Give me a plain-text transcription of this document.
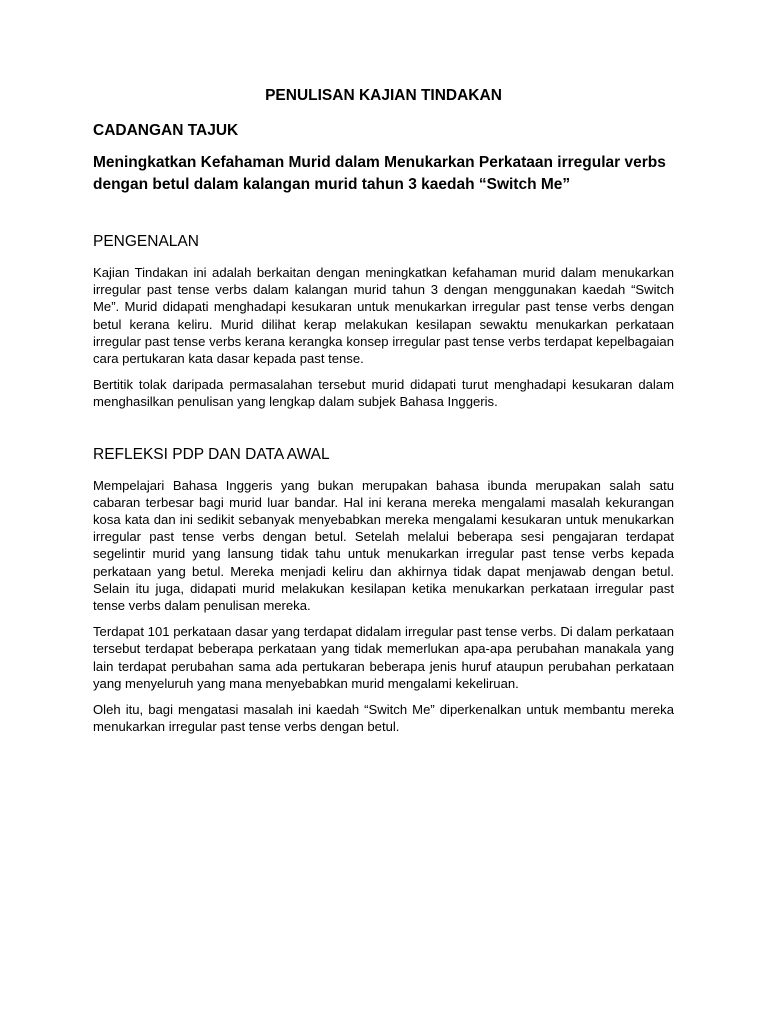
PENULISAN KAJIAN TINDAKAN
CADANGAN TAJUK
Meningkatkan Kefahaman Murid dalam Menukarkan Perkataan irregular verbs dengan betul dalam kalangan murid tahun 3 kaedah “Switch Me”
PENGENALAN

Kajian Tindakan ini adalah berkaitan dengan meningkatkan kefahaman murid dalam menukarkan irregular past tense verbs dalam kalangan murid tahun 3 dengan menggunakan kaedah “Switch Me”. Murid didapati menghadapi kesukaran untuk menukarkan irregular past tense verbs dengan betul kerana keliru. Murid dilihat kerap melakukan kesilapan sewaktu menukarkan perkataan irregular past tense verbs kerana kerangka konsep irregular past tense verbs terdapat kepelbagaian cara pertukaran kata dasar kepada past tense.

Bertitik tolak daripada permasalahan tersebut murid didapati turut menghadapi kesukaran dalam menghasilkan penulisan yang lengkap dalam subjek Bahasa Inggeris.

REFLEKSI PDP DAN DATA AWAL

Mempelajari Bahasa Inggeris yang bukan merupakan bahasa ibunda merupakan salah satu cabaran terbesar bagi murid luar bandar. Hal ini kerana mereka mengalami masalah kekurangan kosa kata dan ini sedikit sebanyak menyebabkan mereka mengalami kesukaran untuk menukarkan irregular past tense verbs dengan betul. Setelah melalui beberapa sesi pengajaran terdapat segelintir murid yang lansung tidak tahu untuk menukarkan irregular past tense verbs kepada perkataan yang betul. Mereka menjadi keliru dan akhirnya tidak dapat menjawab dengan betul. Selain itu juga, didapati murid melakukan kesilapan ketika menukarkan perkataan irregular past tense verbs dalam penulisan mereka.

Terdapat 101 perkataan dasar yang terdapat didalam irregular past tense verbs. Di dalam perkataan tersebut terdapat beberapa perkataan yang tidak memerlukan apa-apa perubahan manakala yang lain terdapat perubahan sama ada pertukaran beberapa jenis huruf ataupun perubahan perkataan yang menyeluruh yang mana menyebabkan murid mengalami kekeliruan.

Oleh itu, bagi mengatasi masalah ini kaedah “Switch Me” diperkenalkan untuk membantu mereka menukarkan irregular past tense verbs dengan betul.
